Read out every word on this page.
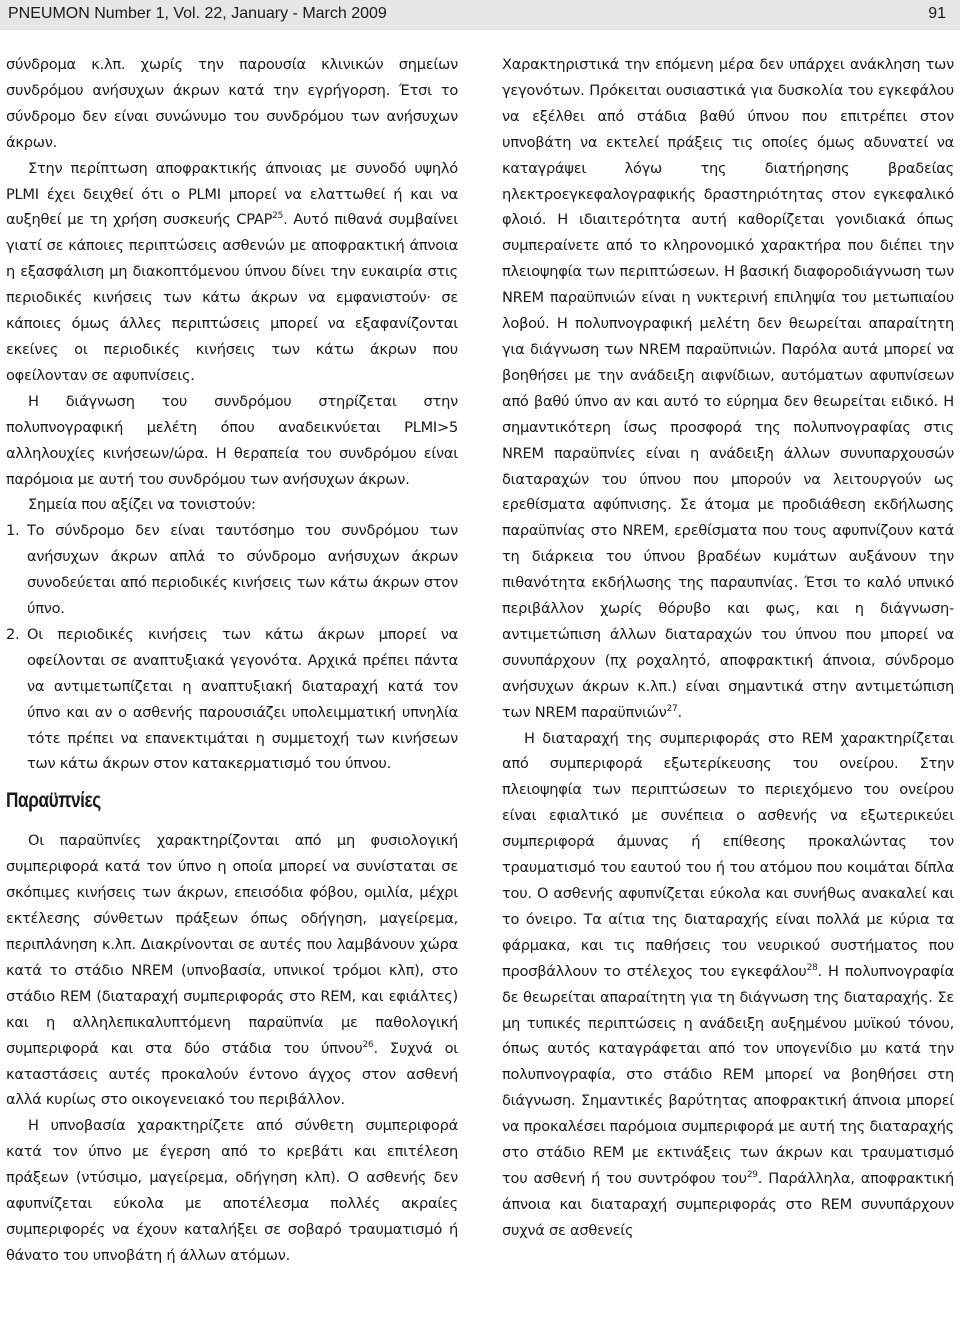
PNEUMON Number 1, Vol. 22, January - March 2009	91

σύνδρομα κ.λπ. χωρίς την παρουσία κλινικών σημείων συνδρόμου ανήσυχων άκρων κατά την εγρήγορση. Έτσι το σύνδρομο δεν είναι συνώνυμο του συνδρόμου των ανήσυχων άκρων.

Στην περίπτωση αποφρακτικής άπνοιας με συνοδό υψηλό PLMI έχει δειχθεί ότι ο PLMI μπορεί να ελαττωθεί ή και να αυξηθεί με τη χρήση συσκευής CPAP$^{25}$. Αυτό πιθανά συμβαίνει γιατί σε κάποιες περιπτώσεις ασθενών με αποφρακτική άπνοια η εξασφάλιση μη διακοπτόμενου ύπνου δίνει την ευκαιρία στις περιοδικές κινήσεις των κάτω άκρων να εμφανιστούν· σε κάποιες όμως άλλες περιπτώσεις μπορεί να εξαφανίζονται εκείνες οι περιοδικές κινήσεις των κάτω άκρων που οφείλονταν σε αφυπνίσεις.

Η διάγνωση του συνδρόμου στηρίζεται στην πολυπνογραφική μελέτη όπου αναδεικνύεται PLMI>5 αλληλουχίες κινήσεων/ώρα. Η θεραπεία του συνδρόμου είναι παρόμοια με αυτή του συνδρόμου των ανήσυχων άκρων.

Σημεία που αξίζει να τονιστούν:

1. Το σύνδρομο δεν είναι ταυτόσημο του συνδρόμου των ανήσυχων άκρων απλά το σύνδρομο ανήσυχων άκρων συνοδεύεται από περιοδικές κινήσεις των κάτω άκρων στον ύπνο.
2. Οι περιοδικές κινήσεις των κάτω άκρων μπορεί να οφείλονται σε αναπτυξιακά γεγονότα. Αρχικά πρέπει πάντα να αντιμετωπίζεται η αναπτυξιακή διαταραχή κατά τον ύπνο και αν ο ασθενής παρουσιάζει υπολειμματική υπνηλία τότε πρέπει να επανεκτιμάται η συμμετοχή των κινήσεων των κάτω άκρων στον κατακερματισμό του ύπνου.
Παραϋπνίες

Οι παραϋπνίες χαρακτηρίζονται από μη φυσιολογική συμπεριφορά κατά τον ύπνο η οποία μπορεί να συνίσταται σε σκόπιμες κινήσεις των άκρων, επεισόδια φόβου, ομιλία, μέχρι εκτέλεσης σύνθετων πράξεων όπως οδήγηση, μαγείρεμα, περιπλάνηση κ.λπ. Διακρίνονται σε αυτές που λαμβάνουν χώρα κατά το στάδιο NREM (υπνοβασία, υπνικοί τρόμοι κλπ), στο στάδιο REM (διαταραχή συμπεριφοράς στο REM, και εφιάλτες) και η αλληλεπικαλυπτόμενη παραϋπνία με παθολογική συμπεριφορά και στα δύο στάδια του ύπνου$^{26}$. Συχνά οι καταστάσεις αυτές προκαλούν έντονο άγχος στον ασθενή αλλά κυρίως στο οικογενειακό του περιβάλλον.

Η υπνοβασία χαρακτηρίζετε από σύνθετη συμπεριφορά κατά τον ύπνο με έγερση από το κρεβάτι και επιτέλεση πράξεων (ντύσιμο, μαγείρεμα, οδήγηση κλπ). Ο ασθενής δεν αφυπνίζεται εύκολα με αποτέλεσμα πολλές ακραίες συμπεριφορές να έχουν καταλήξει σε σοβαρό τραυματισμό ή θάνατο του υπνοβάτη ή άλλων ατόμων.

Χαρακτηριστικά την επόμενη μέρα δεν υπάρχει ανάκληση των γεγονότων. Πρόκειται ουσιαστικά για δυσκολία του εγκεφάλου να εξέλθει από στάδια βαθύ ύπνου που επιτρέπει στον υπνοβάτη να εκτελεί πράξεις τις οποίες όμως αδυνατεί να καταγράψει λόγω της διατήρησης βραδείας ηλεκτροεγκεφαλογραφικής δραστηριότητας στον εγκεφαλικό φλοιό. Η ιδιαιτερότητα αυτή καθορίζεται γονιδιακά όπως συμπεραίνετε από το κληρονομικό χαρακτήρα που διέπει την πλειοψηφία των περιπτώσεων. Η βασική διαφοροδιάγνωση των NREM παραϋπνιών είναι η νυκτερινή επιληψία του μετωπιαίου λοβού. Η πολυπνογραφική μελέτη δεν θεωρείται απαραίτητη για διάγνωση των NREM παραϋπνιών. Παρόλα αυτά μπορεί να βοηθήσει με την ανάδειξη αιφνίδιων, αυτόματων αφυπνίσεων από βαθύ ύπνο αν και αυτό το εύρημα δεν θεωρείται ειδικό. Η σημαντικότερη ίσως προσφορά της πολυπνογραφίας στις NREM παραϋπνίες είναι η ανάδειξη άλλων συνυπαρχουσών διαταραχών του ύπνου που μπορούν να λειτουργούν ως ερεθίσματα αφύπνισης. Σε άτομα με προδιάθεση εκδήλωσης παραϋπνίας στο NREM, ερεθίσματα που τους αφυπνίζουν κατά τη διάρκεια του ύπνου βραδέων κυμάτων αυξάνουν την πιθανότητα εκδήλωσης της παραυπνίας. Έτσι το καλό υπνικό περιβάλλον χωρίς θόρυβο και φως, και η διάγνωση-αντιμετώπιση άλλων διαταραχών του ύπνου που μπορεί να συνυπάρχουν (πχ ροχαλητό, αποφρακτική άπνοια, σύνδρομο ανήσυχων άκρων κ.λπ.) είναι σημαντικά στην αντιμετώπιση των NREM παραϋπνιών$^{27}$.

Η διαταραχή της συμπεριφοράς στο REM χαρακτηρίζεται από συμπεριφορά εξωτερίκευσης του ονείρου. Στην πλειοψηφία των περιπτώσεων το περιεχόμενο του ονείρου είναι εφιαλτικό με συνέπεια ο ασθενής να εξωτερικεύει συμπεριφορά άμυνας ή επίθεσης προκαλώντας τον τραυματισμό του εαυτού του ή του ατόμου που κοιμάται δίπλα του. Ο ασθενής αφυπνίζεται εύκολα και συνήθως ανακαλεί και το όνειρο. Τα αίτια της διαταραχής είναι πολλά με κύρια τα φάρμακα, και τις παθήσεις του νευρικού συστήματος που προσβάλλουν το στέλεχος του εγκεφάλου$^{28}$. Η πολυπνογραφία δε θεωρείται απαραίτητη για τη διάγνωση της διαταραχής. Σε μη τυπικές περιπτώσεις η ανάδειξη αυξημένου μυϊκού τόνου, όπως αυτός καταγράφεται από τον υπογενίδιο μυ κατά την πολυπνογραφία, στο στάδιο REM μπορεί να βοηθήσει στη διάγνωση. Σημαντικές βαρύτητας αποφρακτική άπνοια μπορεί να προκαλέσει παρόμοια συμπεριφορά με αυτή της διαταραχής στο στάδιο REM με εκτινάξεις των άκρων και τραυματισμό του ασθενή ή του συντρόφου του$^{29}$. Παράλληλα, αποφρακτική άπνοια και διαταραχή συμπεριφοράς στο REM συνυπάρχουν συχνά σε ασθενείς
